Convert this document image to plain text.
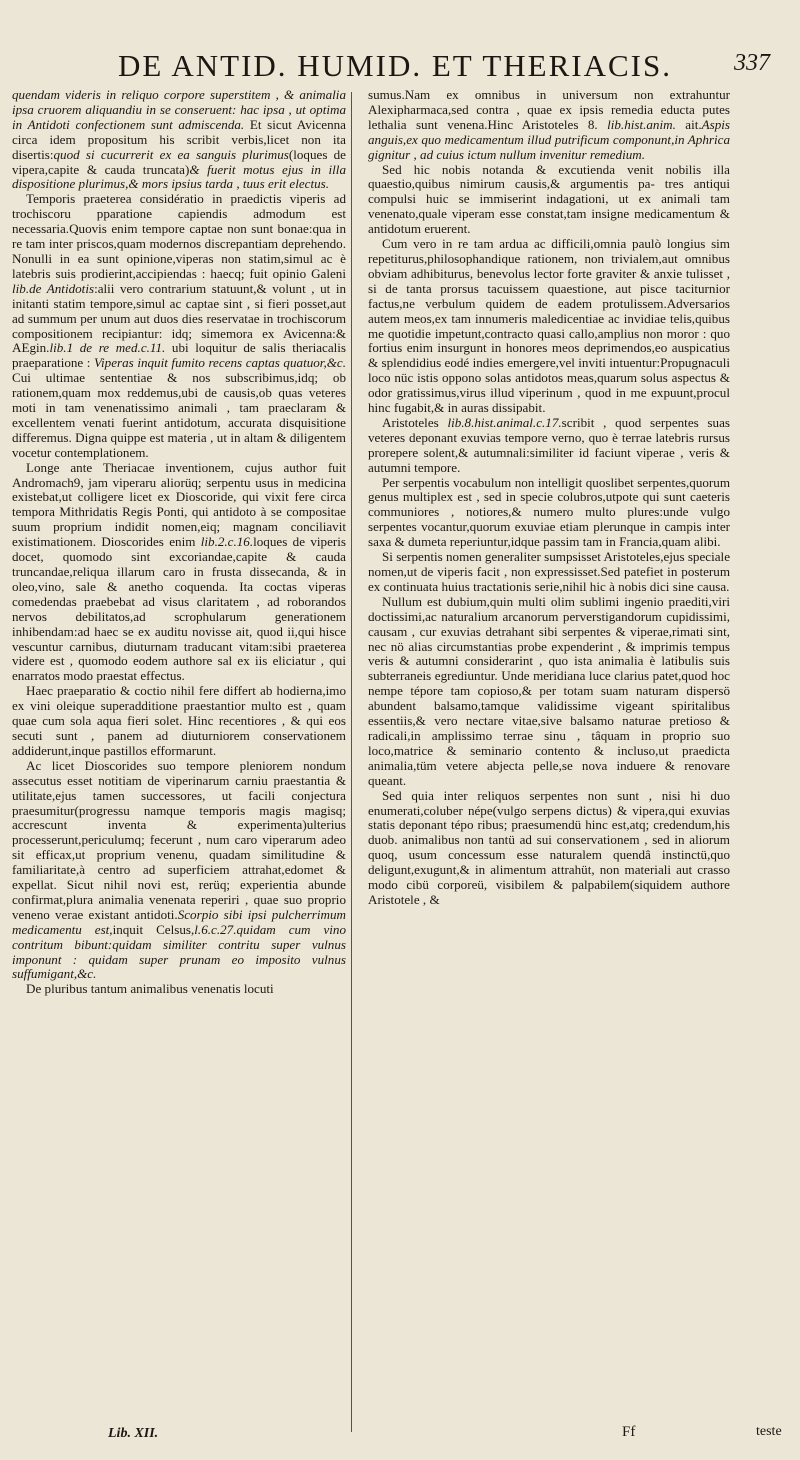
DE ANTID. HUMID. ET THERIACIS.	337

quendam videris in reliquo corpore superstitem , & animalia ipsa cruorem aliquandiu in se conseruent: hac ipsa , ut optima in Antidoti confectionem sunt admiscenda. Et sicut Avicenna circa idem propositum his scribit verbis,licet non ita disertis:quod si cucurrerit ex ea sanguis plurimus(loques de vipera,capite & cauda truncata)& fuerit motus ejus in illa dispositione plurimus,& mors ipsius tarda , tuus erit electus.

Temporis praeterea considératio in praedictis viperis ad trochiscoru pparatione capiendis admodum est necessaria.Quovis enim tempore captae non sunt bonae:qua in re tam inter priscos,quam modernos discrepantiam deprehendo. Nonulli in ea sunt opinione,viperas non statim,simul ac è latebris suis prodierint,accipiendas : haecq; fuit opinio Galeni lib.de Antidotis:alii vero contrarium statuunt,& volunt , ut in initanti statim tempore,simul ac captae sint , si fieri posset,aut ad summum per unum aut duos dies reservatae in trochiscorum compositionem recipiantur: idq; simemora ex Avicenna:& AEgin.lib.1 de re med.c.11. ubi loquitur de salis theriacalis praeparatione : Viperas inquit fumito recens captas quatuor,&c. Cui ultimae sententiae & nos subscribimus,idq; ob rationem,quam mox reddemus,ubi de causis,ob quas veteres moti in tam venenatissimo animali , tam praeclaram & excellentem venati fuerint antidotum, accurata disquisitione differemus. Digna quippe est materia , ut in altam & diligentem vocetur contemplationem.

Longe ante Theriacae inventionem, cujus author fuit Andromach9, jam viperaru aliorüq; serpentu usus in medicina existebat,ut colligere licet ex Dioscoride, qui vixit fere circa tempora Mithridatis Regis Ponti, qui antidoto à se compositae suum proprium indidit nomen,eiq; magnam conciliavit existimationem. Dioscorides enim lib.2.c.16.loques de viperis docet, quomodo sint excoriandae,capite & cauda truncandae,reliqua illarum caro in frusta dissecanda, & in oleo,vino, sale & anetho coquenda. Ita coctas viperas comedendas praebebat ad visus claritatem , ad roborandos nervos debilitatos,ad scrophularum generationem inhibendam:ad haec se ex auditu novisse ait, quod ii,qui hisce vescuntur carnibus, diuturnam traducant vitam:sibi praeterea videre est , quomodo eodem authore sal ex iis eliciatur , qui enarratos modo praestat effectus.

Haec praeparatio & coctio nihil fere differt ab hodierna,imo ex vini oleique superadditione praestantior multo est , quam quae cum sola aqua fieri solet. Hinc recentiores , & qui eos secuti sunt , panem ad diuturniorem conservationem addiderunt,inque pastillos efformarunt.

Ac licet Dioscorides suo tempore pleniorem nondum assecutus esset notitiam de viperinarum carniu praestantia & utilitate,ejus tamen successores, ut facili conjectura praesumitur(progressu namque temporis magis magisq; accrescunt inventa & experimenta)ulterius processerunt,periculumq; fecerunt , num caro viperarum adeo sit efficax,ut proprium venenu, quadam similitudine & familiaritate,à centro ad superficiem attrahat,edomet & expellat. Sicut nihil novi est, rerüq; experientia abunde confirmat,plura animalia venenata reperiri , quae suo proprio veneno verae existant antidoti.Scorpio sibi ipsi pulcherrimum medicamentu est,inquit Celsus,l.6.c.27.quidam cum vino contritum bibunt:quidam similiter contritu super vulnus imponunt : quidam super prunam eo imposito vulnus suffumigant,&c.

De pluribus tantum animalibus venenatis locuti

sumus.Nam ex omnibus in universum non extrahuntur Alexipharmaca,sed contra , quae ex ipsis remedia educta putes lethalia sunt venena.Hinc Aristoteles 8. lib.hist.anim. ait.Aspis anguis,ex quo medicamentum illud putrificum componunt,in Aphrica gignitur , ad cuius ictum nullum invenitur remedium.

Sed hic nobis notanda & excutienda venit nobilis illa quaestio,quibus nimirum causis,& argumentis pa- tres antiqui compulsi huic se immiserint indagationi, ut ex animali tam venenato,quale viperam esse constat,tam insigne medicamentum & antidotum eruerent.

Cum vero in re tam ardua ac difficili,omnia paulò longius sim repetiturus,philosophandique rationem, non trivialem,aut omnibus obviam adhibiturus, benevolus lector forte graviter & anxie tulisset , si de tanta prorsus tacuissem quaestione, aut pisce taciturnior factus,ne verbulum quidem de eadem protulissem.Adversarios autem meos,ex tam innumeris maledicentiae ac invidiae telis,quibus me quotidie impetunt,contracto quasi callo,amplius non moror : quo fortius enim insurgunt in honores meos deprimendos,eo auspicatius & splendidius eodé indies emergere,vel inviti intuentur:Propugnaculi loco nüc istis oppono solas antidotos meas,quarum solus aspectus & odor gratissimus,virus illud viperinum , quod in me expuunt,procul hinc fugabit,& in auras dissipabit.

Aristoteles lib.8.hist.animal.c.17.scribit , quod serpentes suas veteres deponant exuvias tempore verno, quo è terrae latebris rursus prorepere solent,& autumnali:similiter id faciunt viperae , veris & autumni tempore.

Per serpentis vocabulum non intelligit quoslibet serpentes,quorum genus multiplex est , sed in specie colubros,utpote qui sunt caeteris communiores , notiores,& numero multo plures:unde vulgo serpentes vocantur,quorum exuviae etiam plerunque in campis inter saxa & dumeta reperiuntur,idque passim tam in Francia,quam alibi.

Si serpentis nomen generaliter sumpsisset Aristoteles,ejus speciale nomen,ut de viperis facit , non expressisset.Sed patefiet in posterum ex continuata huius tractationis serie,nihil hic à nobis dici sine causa.

Nullum est dubium,quin multi olim sublimi ingenio praediti,viri doctissimi,ac naturalium arcanorum perverstigandorum cupidissimi, causam , cur exuvias detrahant sibi serpentes & viperae,rimati sint, nec nö alias circumstantias probe expenderint , & imprimis tempus veris & autumni considerarint , quo ista animalia è latibulis suis subterraneis egrediuntur. Unde meridiana luce clarius patet,quod hoc nempe tépore tam copioso,& per totam suam naturam dispersö abundent balsamo,tamque validissime vigeant spiritalibus essentiis,& vero nectare vitae,sive balsamo naturae pretioso & radicali,in amplissimo terrae sinu , tâquam in proprio suo loco,matrice & seminario contento & incluso,ut praedicta animalia,tüm vetere abjecta pelle,se nova induere & renovare queant.

Sed quia inter reliquos serpentes non sunt , nisi hi duo enumerati,coluber népe(vulgo serpens dictus) & vipera,qui exuvias statis deponant tépo ribus; praesumendü hinc est,atq; credendum,his duob. animalibus non tantü ad sui conservationem , sed in aliorum quoq, usum concessum esse naturalem quendâ instinctü,quo deligunt,exugunt,& in alimentum attrahüt, non materiali aut crasso modo cibü corporeü, visibilem & palpabilem(siquidem authore Aristotele , &

Lib. XII.	Ff	teste
